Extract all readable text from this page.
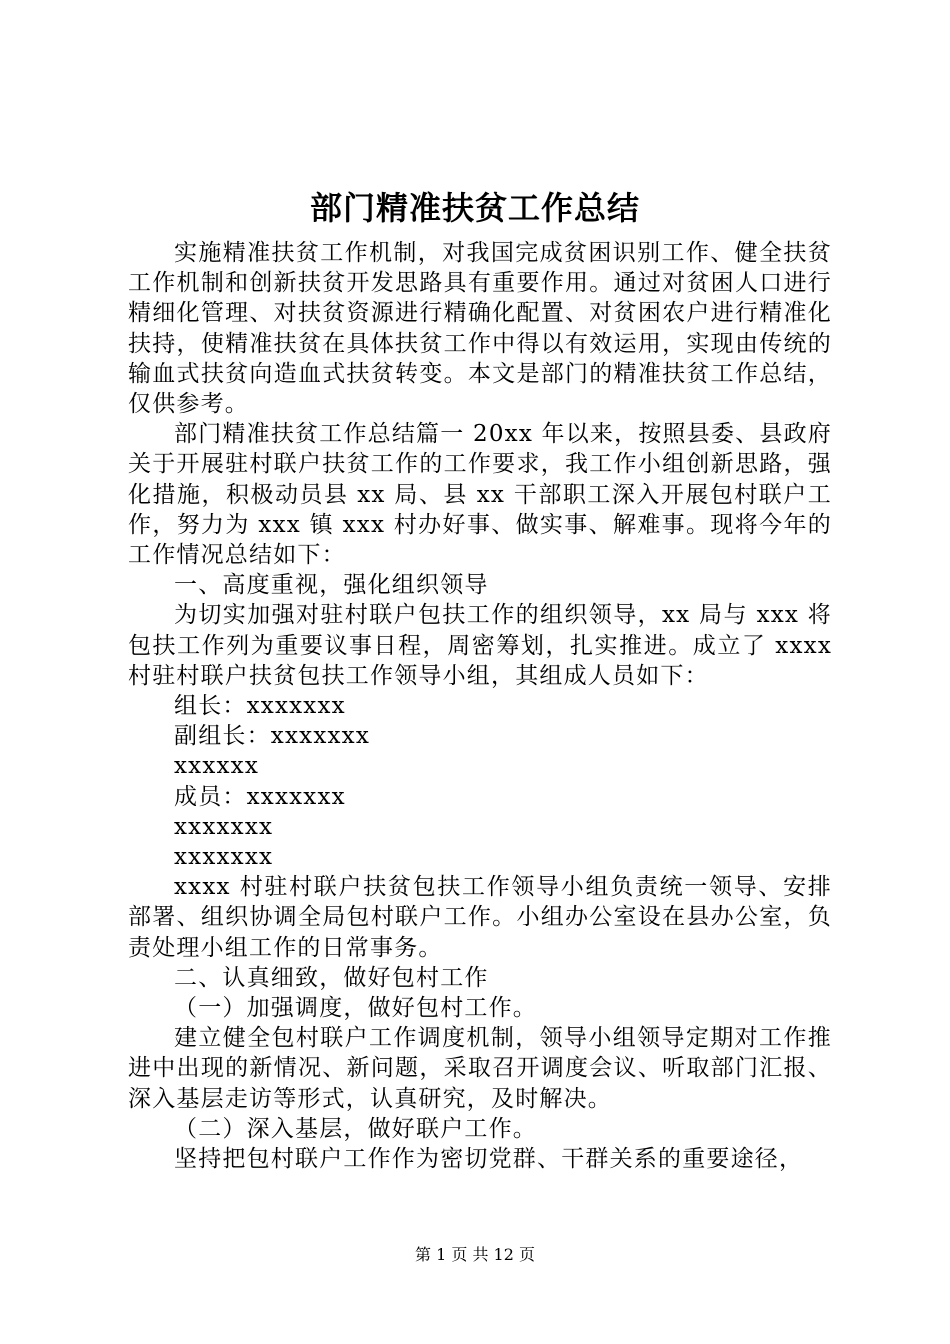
部门精准扶贫工作总结

实施精准扶贫工作机制，对我国完成贫困识别工作、健全扶贫工作机制和创新扶贫开发思路具有重要作用。通过对贫困人口进行精细化管理、对扶贫资源进行精确化配置、对贫困农户进行精准化扶持，使精准扶贫在具体扶贫工作中得以有效运用，实现由传统的输血式扶贫向造血式扶贫转变。本文是部门的精准扶贫工作总结，仅供参考。

部门精准扶贫工作总结篇一 20xx 年以来，按照县委、县政府关于开展驻村联户扶贫工作的工作要求，我工作小组创新思路，强化措施，积极动员县 xx 局、县 xx 干部职工深入开展包村联户工作，努力为 xxx 镇 xxx 村办好事、做实事、解难事。现将今年的工作情况总结如下：

一、高度重视，强化组织领导

为切实加强对驻村联户包扶工作的组织领导，xx 局与 xxx 将包扶工作列为重要议事日程，周密筹划，扎实推进。成立了 xxxx 村驻村联户扶贫包扶工作领导小组，其组成人员如下：

组长：xxxxxxx

副组长：xxxxxxx

xxxxxx

成员：xxxxxxx

xxxxxxx

xxxxxxx

xxxx 村驻村联户扶贫包扶工作领导小组负责统一领导、安排部署、组织协调全局包村联户工作。小组办公室设在县办公室，负责处理小组工作的日常事务。

二、认真细致，做好包村工作

（一）加强调度，做好包村工作。

建立健全包村联户工作调度机制，领导小组领导定期对工作推进中出现的新情况、新问题，采取召开调度会议、听取部门汇报、深入基层走访等形式，认真研究，及时解决。

（二）深入基层，做好联户工作。

坚持把包村联户工作作为密切党群、干群关系的重要途径，

第 1 页 共 12 页
